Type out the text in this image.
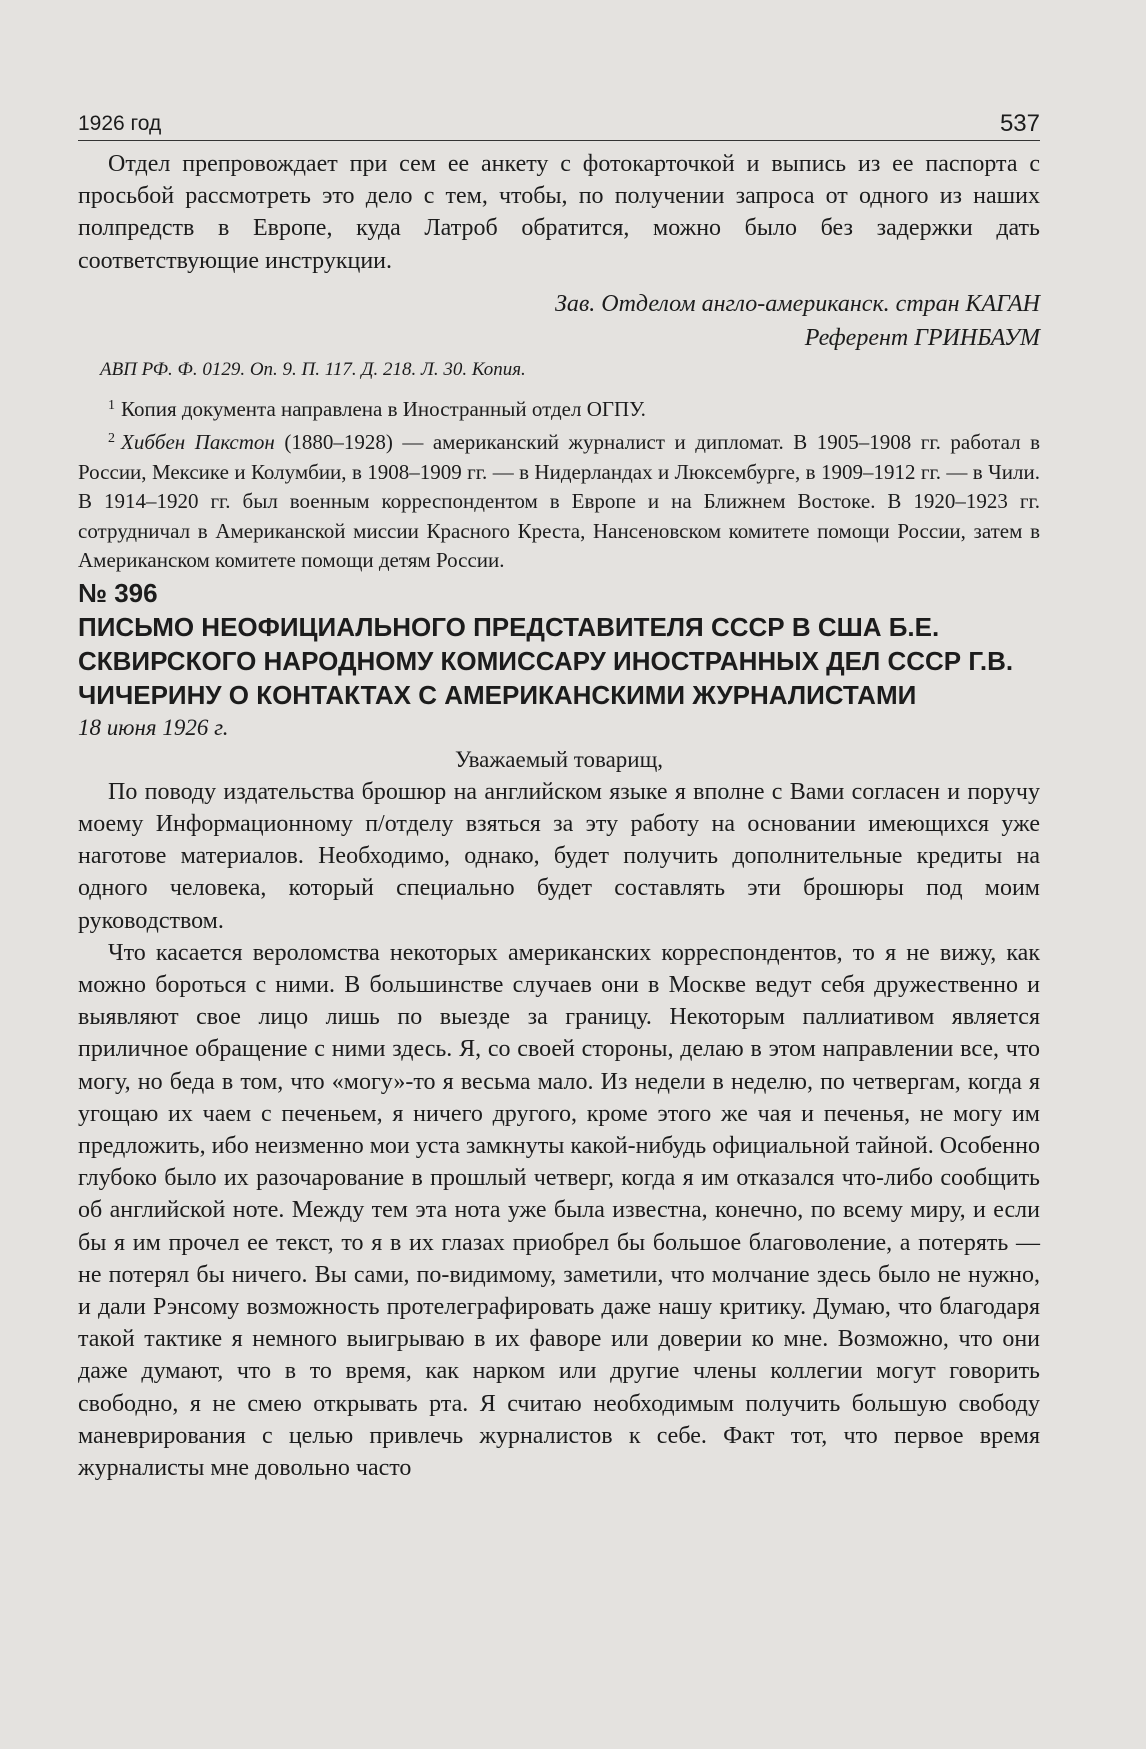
1926 год	537

Отдел препровождает при сем ее анкету с фотокарточкой и выпись из ее паспорта с просьбой рассмотреть это дело с тем, чтобы, по получении запроса от одного из наших полпредств в Европе, куда Латроб обратится, можно было без задержки дать соответствующие инструкции.

Зав. Отделом англо-американск. стран КАГАН

Референт ГРИНБАУМ

АВП РФ. Ф. 0129. Оп. 9. П. 117. Д. 218. Л. 30. Копия.

$^1$ Копия документа направлена в Иностранный отдел ОГПУ.

$^2$ Хиббен Пакстон (1880–1928) — американский журналист и дипломат. В 1905–1908 гг. работал в России, Мексике и Колумбии, в 1908–1909 гг. — в Нидерландах и Люксембурге, в 1909–1912 гг. — в Чили. В 1914–1920 гг. был военным корреспондентом в Европе и на Ближнем Востоке. В 1920–1923 гг. сотрудничал в Американской миссии Красного Креста, Нансеновском комитете помощи России, затем в Американском комитете помощи детям России.

№ 396

ПИСЬМО НЕОФИЦИАЛЬНОГО ПРЕДСТАВИТЕЛЯ СССР В США Б.Е. СКВИРСКОГО НАРОДНОМУ КОМИССАРУ ИНОСТРАННЫХ ДЕЛ СССР Г.В. ЧИЧЕРИНУ О КОНТАКТАХ С АМЕРИКАНСКИМИ ЖУРНАЛИСТАМИ

18 июня 1926 г.

Уважаемый товарищ,

По поводу издательства брошюр на английском языке я вполне с Вами согласен и поручу моему Информационному п/отделу взяться за эту работу на основании имеющихся уже наготове материалов. Необходимо, однако, будет получить дополнительные кредиты на одного человека, который специально будет составлять эти брошюры под моим руководством.

Что касается вероломства некоторых американских корреспондентов, то я не вижу, как можно бороться с ними. В большинстве случаев они в Москве ведут себя дружественно и выявляют свое лицо лишь по выезде за границу. Некоторым паллиативом является приличное обращение с ними здесь. Я, со своей стороны, делаю в этом направлении все, что могу, но беда в том, что «могу»-то я весьма мало. Из недели в неделю, по четвергам, когда я угощаю их чаем с печеньем, я ничего другого, кроме этого же чая и печенья, не могу им предложить, ибо неизменно мои уста замкнуты какой-нибудь официальной тайной. Особенно глубоко было их разочарование в прошлый четверг, когда я им отказался что-либо сообщить об английской ноте. Между тем эта нота уже была известна, конечно, по всему миру, и если бы я им прочел ее текст, то я в их глазах приобрел бы большое благоволение, а потерять — не потерял бы ничего. Вы сами, по-видимому, заметили, что молчание здесь было не нужно, и дали Рэнсому возможность протелеграфировать даже нашу критику. Думаю, что благодаря такой тактике я немного выигрываю в их фаворе или доверии ко мне. Возможно, что они даже думают, что в то время, как нарком или другие члены коллегии могут говорить свободно, я не смею открывать рта. Я считаю необходимым получить большую свободу маневрирования с целью привлечь журналистов к себе. Факт тот, что первое время журналисты мне довольно часто
